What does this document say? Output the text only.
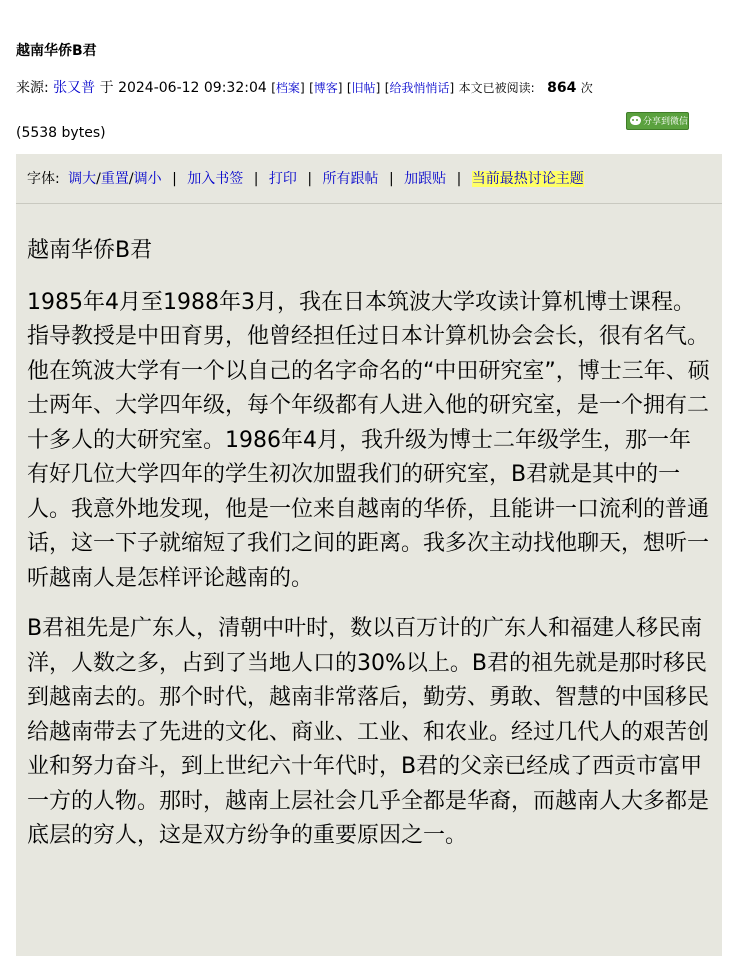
越南华侨B君
来源: 张又普 于 2024-06-12 09:32:04 [档案] [博客] [旧帖] [给我悄悄话] 本文已被阅读: 864 次
分享到微信
(5538 bytes)
字体: 调大/重置/调小 | 加入书签 | 打印 | 所有跟帖 | 加跟贴 | 当前最热讨论主题
越南华侨B君

1985年4月至1988年3月，我在日本筑波大学攻读计算机博士课程。指导教授是中田育男，他曾经担任过日本计算机协会会长，很有名气。他在筑波大学有一个以自己的名字命名的“中田研究室”，博士三年、硕士两年、大学四年级，每个年级都有人进入他的研究室，是一个拥有二十多人的大研究室。1986年4月，我升级为博士二年级学生，那一年有好几位大学四年的学生初次加盟我们的研究室，B君就是其中的一人。我意外地发现，他是一位来自越南的华侨，且能讲一口流利的普通话，这一下子就缩短了我们之间的距离。我多次主动找他聊天，想听一听越南人是怎样评论越南的。

B君祖先是广东人，清朝中叶时，数以百万计的广东人和福建人移民南洋，人数之多，占到了当地人口的30%以上。B君的祖先就是那时移民到越南去的。那个时代，越南非常落后，勤劳、勇敢、智慧的中国移民给越南带去了先进的文化、商业、工业、和农业。经过几代人的艰苦创业和努力奋斗，到上世纪六十年代时，B君的父亲已经成了西贡市富甲一方的人物。那时，越南上层社会几乎全都是华裔，而越南人大多都是底层的穷人，这是双方纷争的重要原因之一。
